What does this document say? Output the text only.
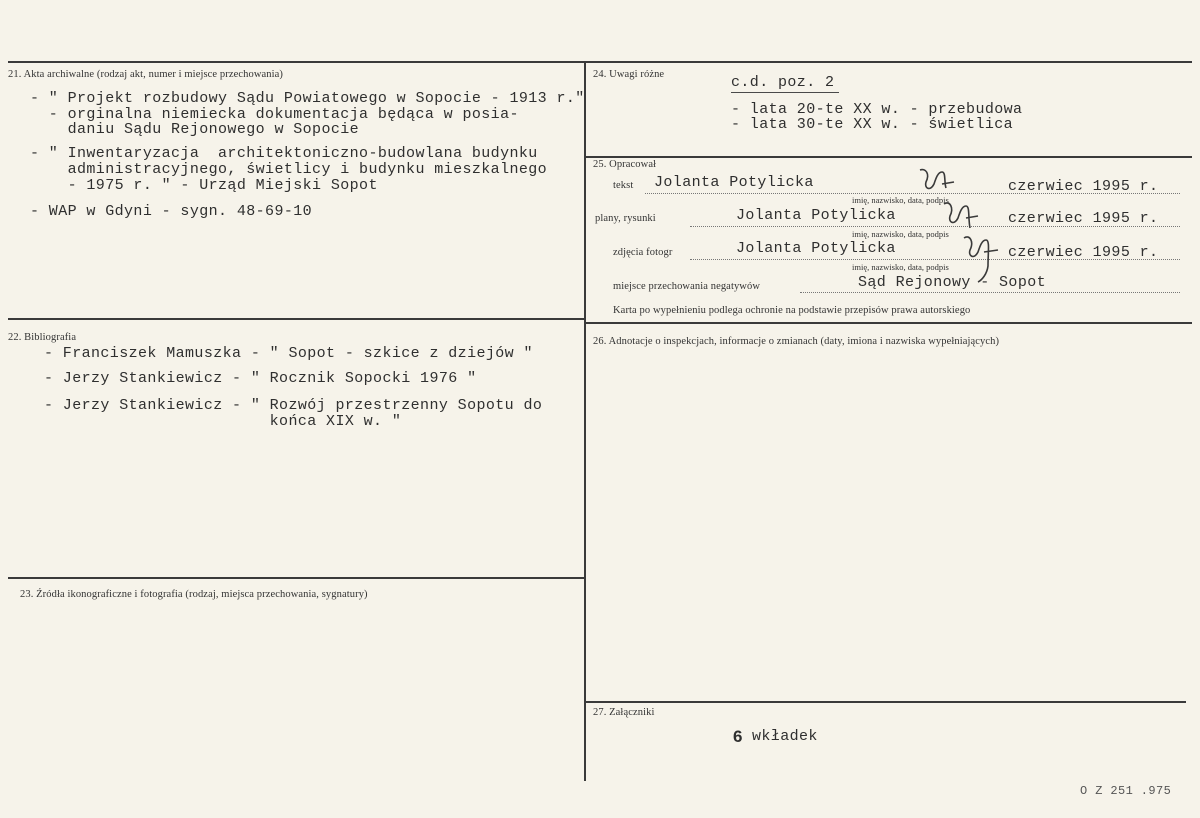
21. Akta archiwalne (rodzaj akt, numer i miejsce przechowania)
- " Projekt rozbudowy Sądu Powiatowego w Sopocie - 1913 r."
- orginalna niemiecka dokumentacja będąca w posia-
daniu Sądu Rejonowego w Sopocie
- " Inwentaryzacja  architektoniczno-budowlana budynku
administracyjnego, świetlicy i budynku mieszkalnego
- 1975 r. " - Urząd Miejski Sopot
- WAP w Gdyni - sygn. 48-69-10
22. Bibliografia
- Franciszek Mamuszka - " Sopot - szkice z dziejów "
- Jerzy Stankiewicz - " Rocznik Sopocki 1976 "
- Jerzy Stankiewicz - " Rozwój przestrzenny Sopotu do
końca XIX w. "
23. Źródła ikonograficzne i fotografia (rodzaj, miejsca przechowania, sygnatury)
24. Uwagi różne	c.d. poz. 2
- lata 20-te XX w. - przebudowa
- lata 30-te XX w. - świetlica
25. Opracował
tekst Jolanta Potylicka	czerwiec 1995 r.
imię, nazwisko, data, podpis
plany, rysunki	Jolanta Potylicka	czerwiec 1995 r.
imię, nazwisko, data, podpis
zdjęcia fotogr	Jolanta Potylicka	czerwiec 1995 r.
imię, nazwisko, data, podpis
miejsce przechowania negatywów	Sąd Rejonowy - Sopot
Karta po wypełnieniu podlega ochronie na podstawie przepisów prawa autorskiego
26. Adnotacje o inspekcjach, informacje o zmianach (daty, imiona i nazwiska wypełniających)
27. Załączniki
6 wkładek
O Z 251 .975
